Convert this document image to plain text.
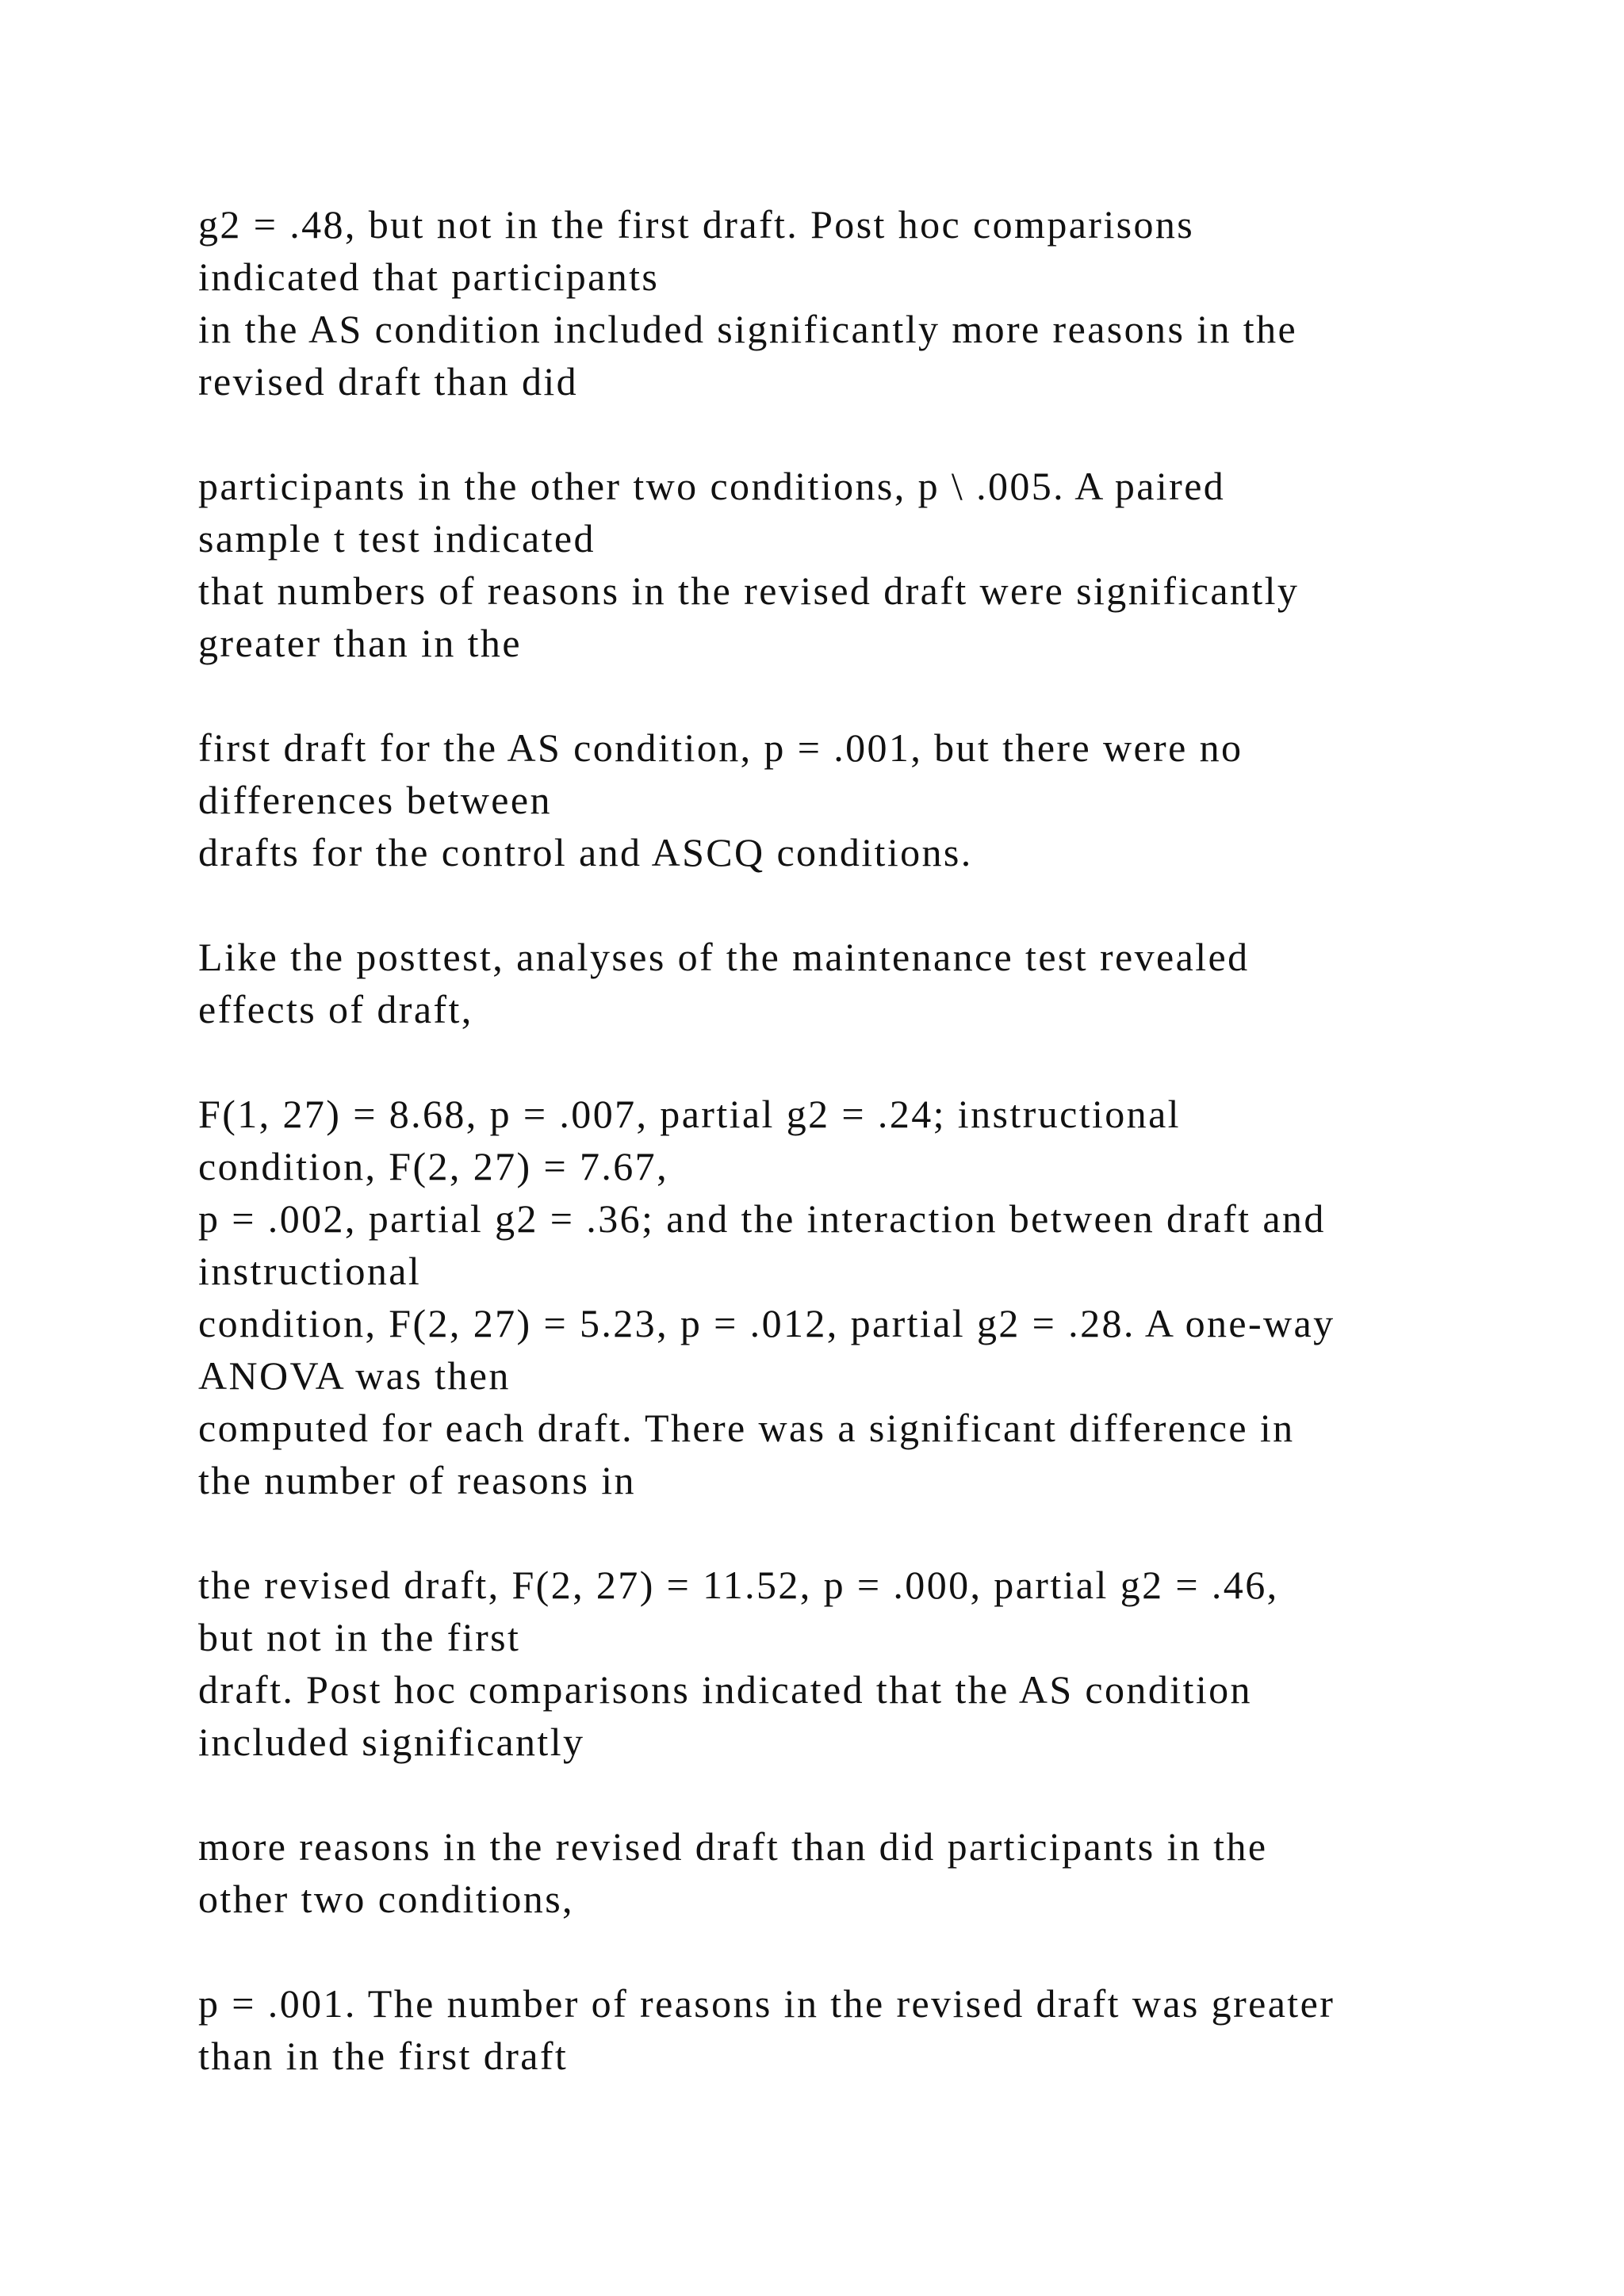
g2 = .48, but not in the first draft. Post hoc comparisons
indicated that participants
in the AS condition included significantly more reasons in the
revised draft than did
participants in the other two conditions, p \ .005. A paired
sample t test indicated
that numbers of reasons in the revised draft were significantly
greater than in the
first draft for the AS condition, p = .001, but there were no
differences between
drafts for the control and ASCQ conditions.
Like the posttest, analyses of the maintenance test revealed
effects of draft,
F(1, 27) = 8.68, p = .007, partial g2 = .24; instructional
condition, F(2, 27) = 7.67,
p = .002, partial g2 = .36; and the interaction between draft and
instructional
condition, F(2, 27) = 5.23, p = .012, partial g2 = .28. A one-way
ANOVA was then
computed for each draft. There was a significant difference in
the number of reasons in
the revised draft, F(2, 27) = 11.52, p = .000, partial g2 = .46,
but not in the first
draft. Post hoc comparisons indicated that the AS condition
included significantly
more reasons in the revised draft than did participants in the
other two conditions,
p = .001. The number of reasons in the revised draft was greater
than in the first draft
